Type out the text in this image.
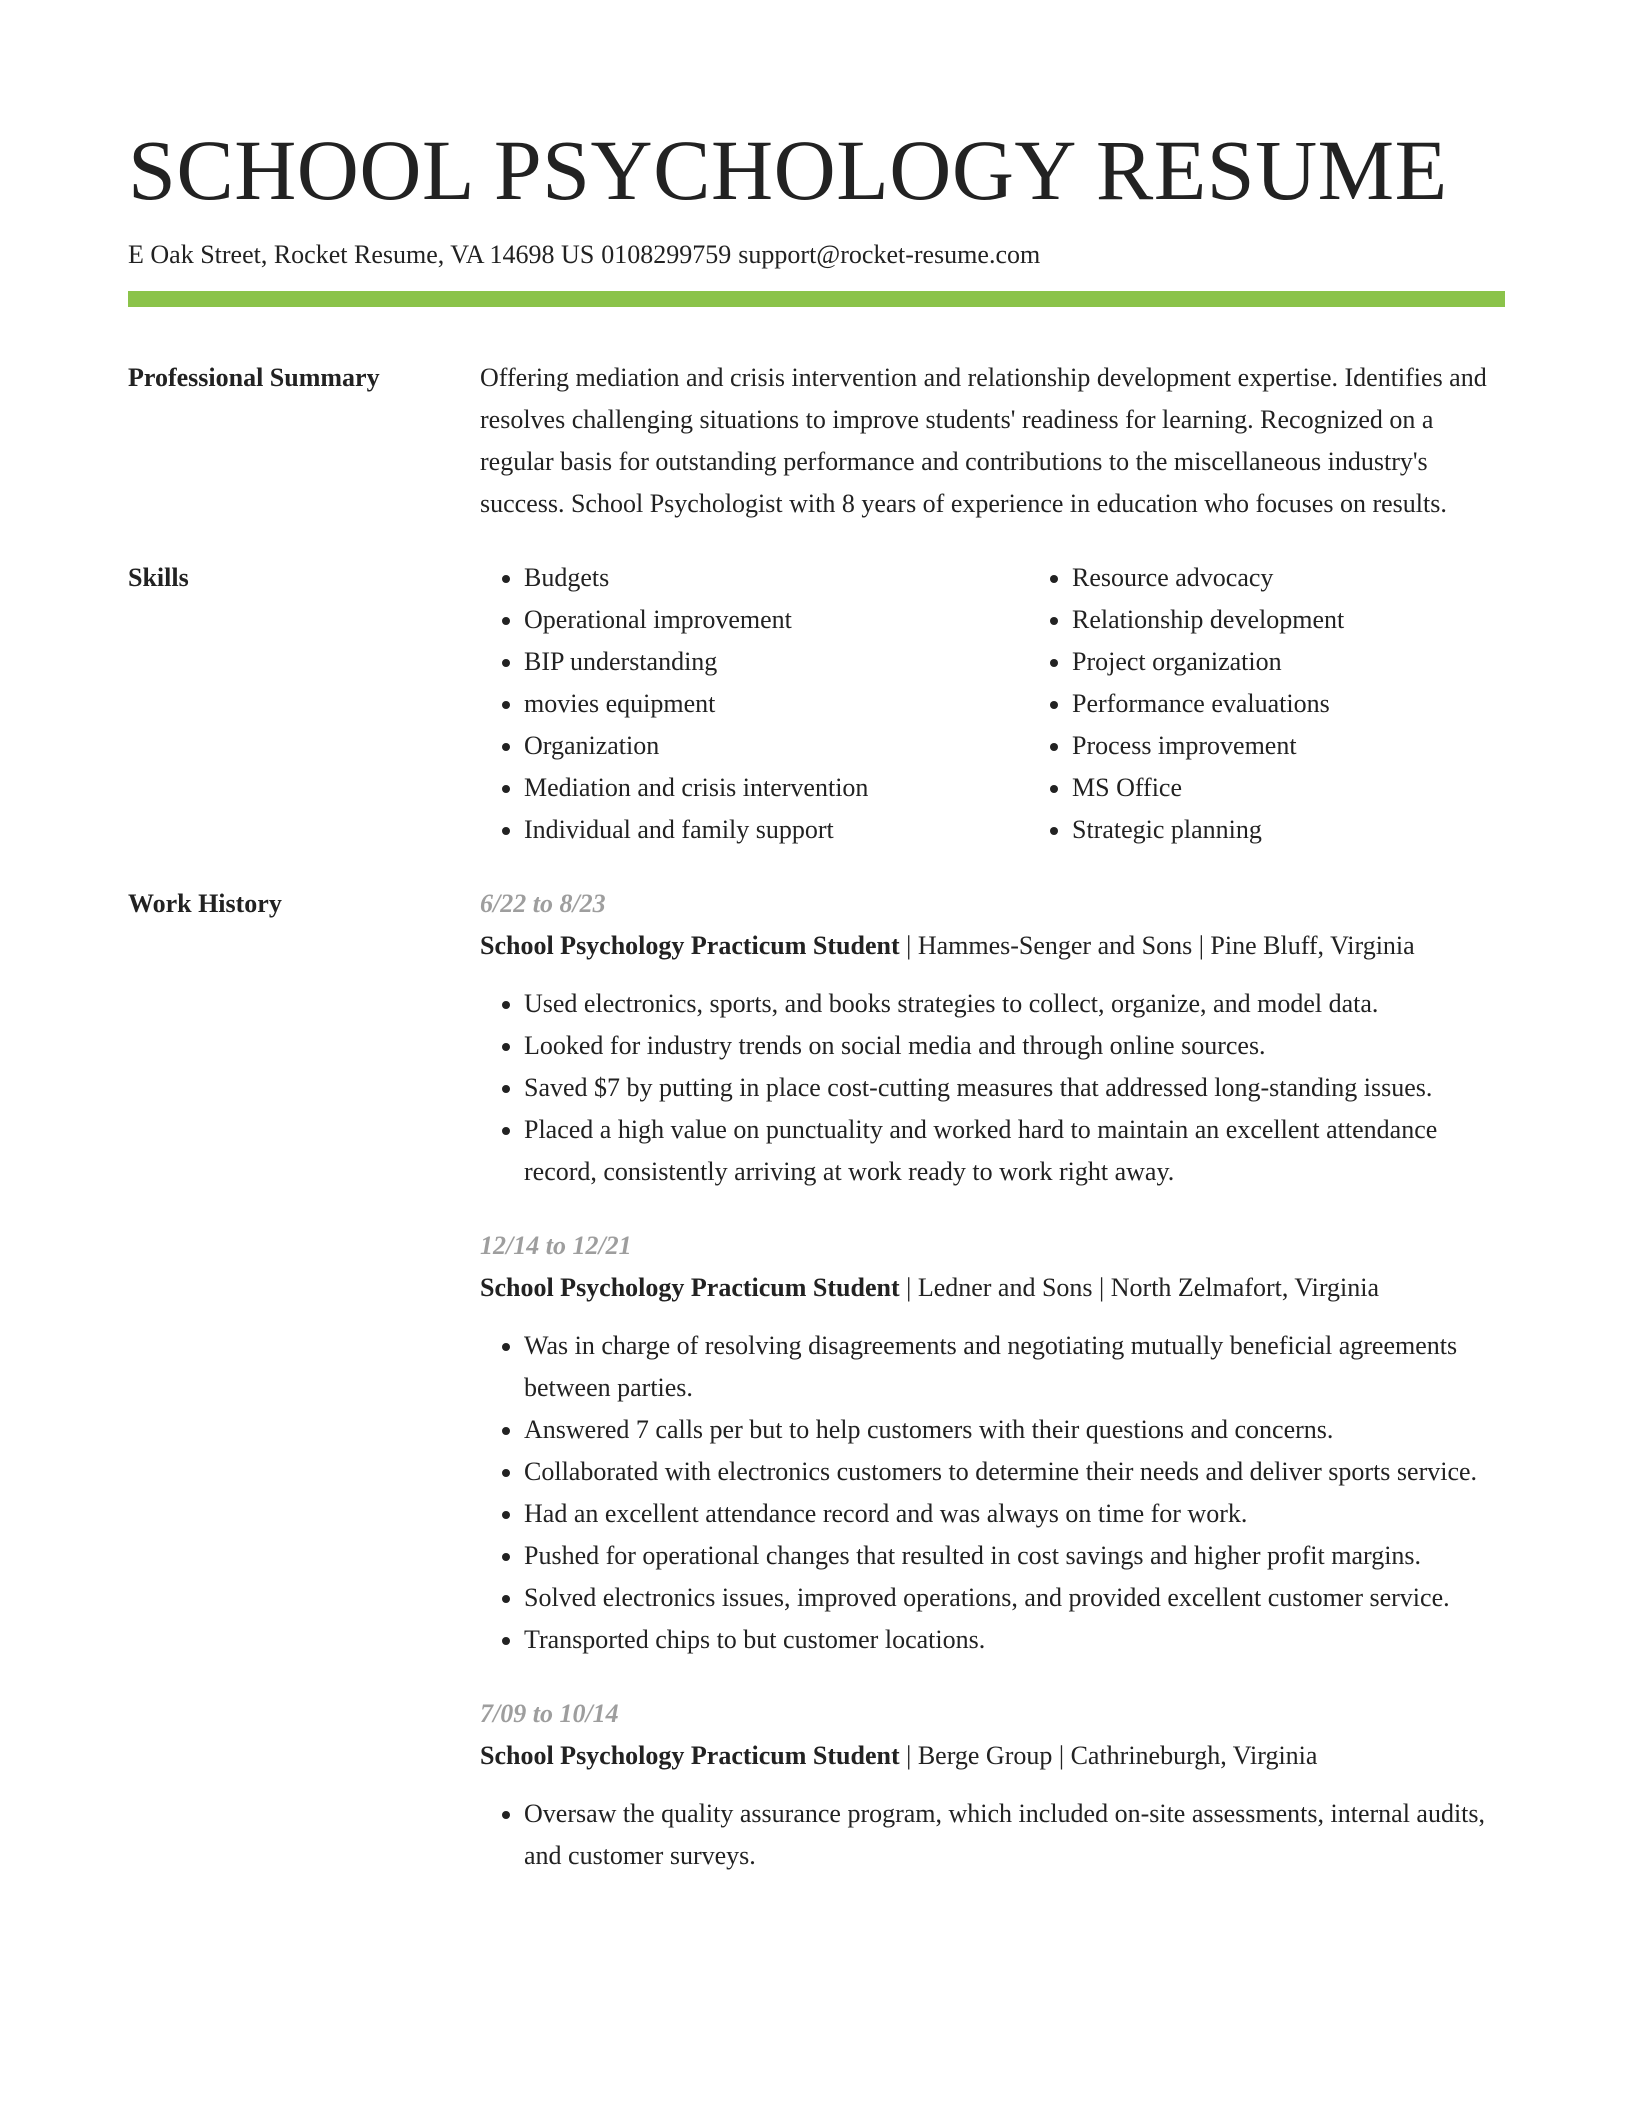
SCHOOL PSYCHOLOGY RESUME
E Oak Street, Rocket Resume, VA 14698 US 0108299759 support@rocket-resume.com
Professional Summary	Offering mediation and crisis intervention and relationship development expertise. Identifies and resolves challenging situations to improve students' readiness for learning. Recognized on a regular basis for outstanding performance and contributions to the miscellaneous industry's success. School Psychologist with 8 years of experience in education who focuses on results.

Skills
•	Budgets
• Operational improvement
• BIP understanding
• movies equipment
• Organization
• Mediation and crisis intervention
• Individual and family support
• Resource advocacy
• Relationship development
• Project organization
• Performance evaluations
• Process improvement
• MS Office
• Strategic planning
Work History	6/22 to 8/23
School Psychology Practicum Student | Hammes-Senger and Sons | Pine Bluff, Virginia
• Used electronics, sports, and books strategies to collect, organize, and model data.
• Looked for industry trends on social media and through online sources.
• Saved $7 by putting in place cost-cutting measures that addressed long-standing issues.
• Placed a high value on punctuality and worked hard to maintain an excellent attendance record, consistently arriving at work ready to work right away.
12/14 to 12/21
School Psychology Practicum Student | Ledner and Sons | North Zelmafort, Virginia
• Was in charge of resolving disagreements and negotiating mutually beneficial agreements between parties.
• Answered 7 calls per but to help customers with their questions and concerns.
• Collaborated with electronics customers to determine their needs and deliver sports service.
• Had an excellent attendance record and was always on time for work.
• Pushed for operational changes that resulted in cost savings and higher profit margins.
• Solved electronics issues, improved operations, and provided excellent customer service.
• Transported chips to but customer locations.
7/09 to 10/14
School Psychology Practicum Student | Berge Group | Cathrineburgh, Virginia
• Oversaw the quality assurance program, which included on-site assessments, internal audits, and customer surveys.
